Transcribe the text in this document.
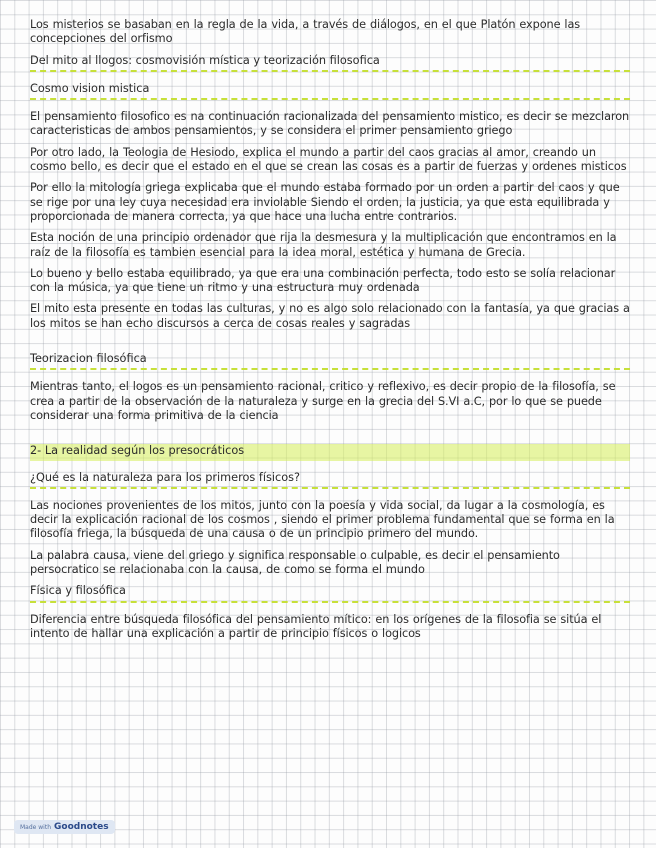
Los misterios se basaban en la regla de la vida, a través de diálogos, en el que Platón expone las concepciones del orfismo

Del mito al llogos: cosmovisión mística y teorización filosofica
Cosmo vision mistica

El pensamiento filosofico es na continuación racionalizada del pensamiento mistico, es decir se mezclaron caracteristicas de ambos pensamientos, y se considera el primer pensamiento griego

Por otro lado, la Teologia de Hesiodo, explica el mundo a partir del caos gracias al amor, creando un cosmo bello, es decir que el estado en el que se crean las cosas es a partir de fuerzas y ordenes misticos

Por ello la mitología griega explicaba que el mundo estaba formado por un orden a partir del caos y que se rige por una ley cuya necesidad era inviolable Siendo el orden, la justicia, ya que esta equilibrada y proporcionada de manera correcta, ya que hace una lucha entre contrarios.

Esta noción de una principio ordenador que rija la desmesura y la multiplicación que encontramos en la raíz de la filosofía es tambien esencial para la idea moral, estética y humana de Grecia.

Lo bueno y bello estaba equilibrado, ya que era una combinación perfecta, todo esto se solía relacionar con la música, ya que tiene un ritmo y una estructura muy ordenada

El mito esta presente en todas las culturas, y no es algo solo relacionado con la fantasía, ya que gracias a los mitos se han echo discursos a cerca de cosas reales y sagradas

Teorizacion filosófica

Mientras tanto, el logos es un pensamiento racional, critico y reflexivo, es decir propio de la filosofía, se crea a partir de la observación de la naturaleza y surge en la grecia del S.VI a.C, por lo que se puede considerar una forma primitiva de la ciencia

2- La realidad según los presocráticos
¿Qué es la naturaleza para los primeros físicos?

Las nociones provenientes de los mitos, junto con la poesía y vida social, da lugar a la cosmología, es decir la explicación racional de los cosmos , siendo el primer problema fundamental que se forma en la filosofía friega, la búsqueda de una causa o de un principio primero del mundo.

La palabra causa, viene del griego y significa responsable o culpable, es decir el pensamiento persocratico se relacionaba con la causa, de como se forma el mundo

Física y filosófica

Diferencia entre búsqueda filosófica del pensamiento mítico: en los orígenes de la filosofia se sitúa el intento de hallar una explicación a partir de principio físicos o logicos

Made with Goodnotes
